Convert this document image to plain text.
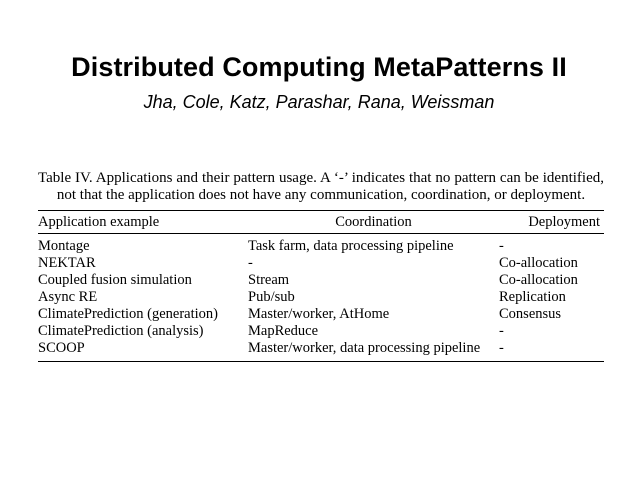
Distributed Computing MetaPatterns II
Jha, Cole, Katz, Parashar, Rana, Weissman

Table IV. Applications and their pattern usage. A ‘-’ indicates that no pattern can be identified, not that the application does not have any communication, coordination, or deployment.

Application example	Coordination	Deployment

Montage	Task farm, data processing pipeline	-
NEKTAR	-	Co-allocation
Coupled fusion simulation	Stream	Co-allocation
Async RE	Pub/sub	Replication
ClimatePrediction (generation)	Master/worker, AtHome	Consensus
ClimatePrediction (analysis)	MapReduce	-
SCOOP	Master/worker, data processing pipeline	-
